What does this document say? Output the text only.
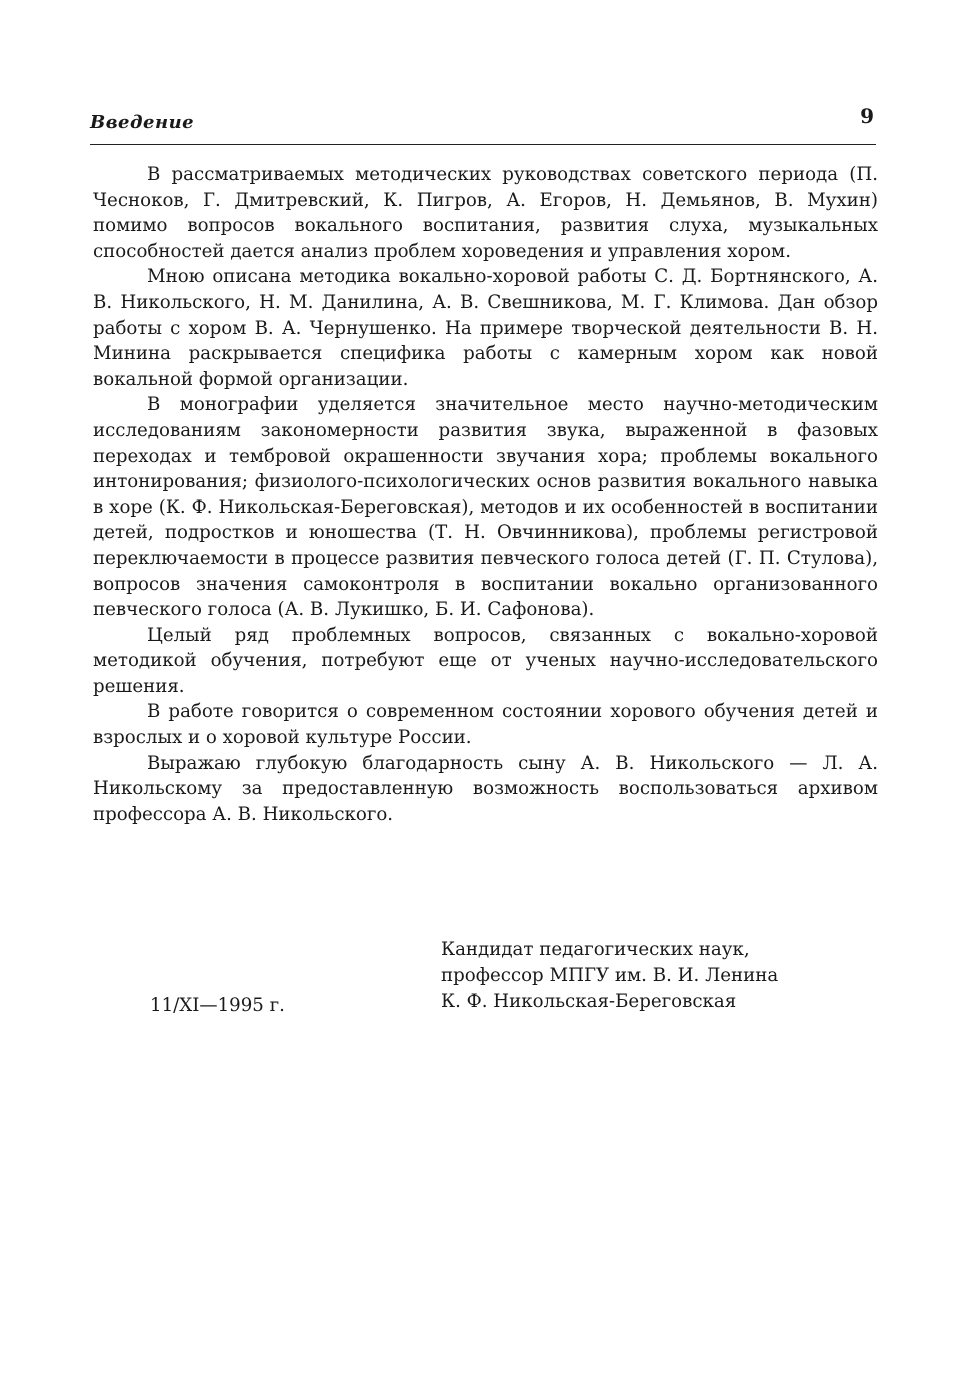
Введение	9

В рассматриваемых методических руководствах советского периода (П. Чесноков, Г. Дмитревский, К. Пигров, А. Егоров, Н. Демьянов, В. Мухин) помимо вопросов вокального воспитания, развития слуха, музыкальных способностей дается анализ проблем хороведения и управления хором.

Мною описана методика вокально-хоровой работы С. Д. Бортнянского, А. В. Никольского, Н. М. Данилина, А. В. Свешникова, М. Г. Климова. Дан обзор работы с хором В. А. Чернушенко. На примере творческой деятельности В. Н. Минина раскрывается специфика работы с камерным хором как новой вокальной формой организации.

В монографии уделяется значительное место научно-методическим исследованиям закономерности развития звука, выраженной в фазовых переходах и тембровой окрашенности звучания хора; проблемы вокального интонирования; физиолого-психологических основ развития вокального навыка в хоре (К. Ф. Никольская-Береговская), методов и их особенностей в воспитании детей, подростков и юношества (Т. Н. Овчинникова), проблемы регистровой переключаемости в процессе развития певческого голоса детей (Г. П. Стулова), вопросов значения самоконтроля в воспитании вокально организованного певческого голоса (А. В. Лукишко, Б. И. Сафонова).

Целый ряд проблемных вопросов, связанных с вокально-хоровой методикой обучения, потребуют еще от ученых научно-исследовательского решения.

В работе говорится о современном состоянии хорового обучения детей и взрослых и о хоровой культуре России.

Выражаю глубокую благодарность сыну А. В. Никольского — Л. А. Никольскому за предоставленную возможность воспользоваться архивом профессора А. В. Никольского.

Кандидат педагогических наук,
профессор МПГУ им. В. И. Ленина
К. Ф. Никольская-Береговская
11/XI—1995 г.
